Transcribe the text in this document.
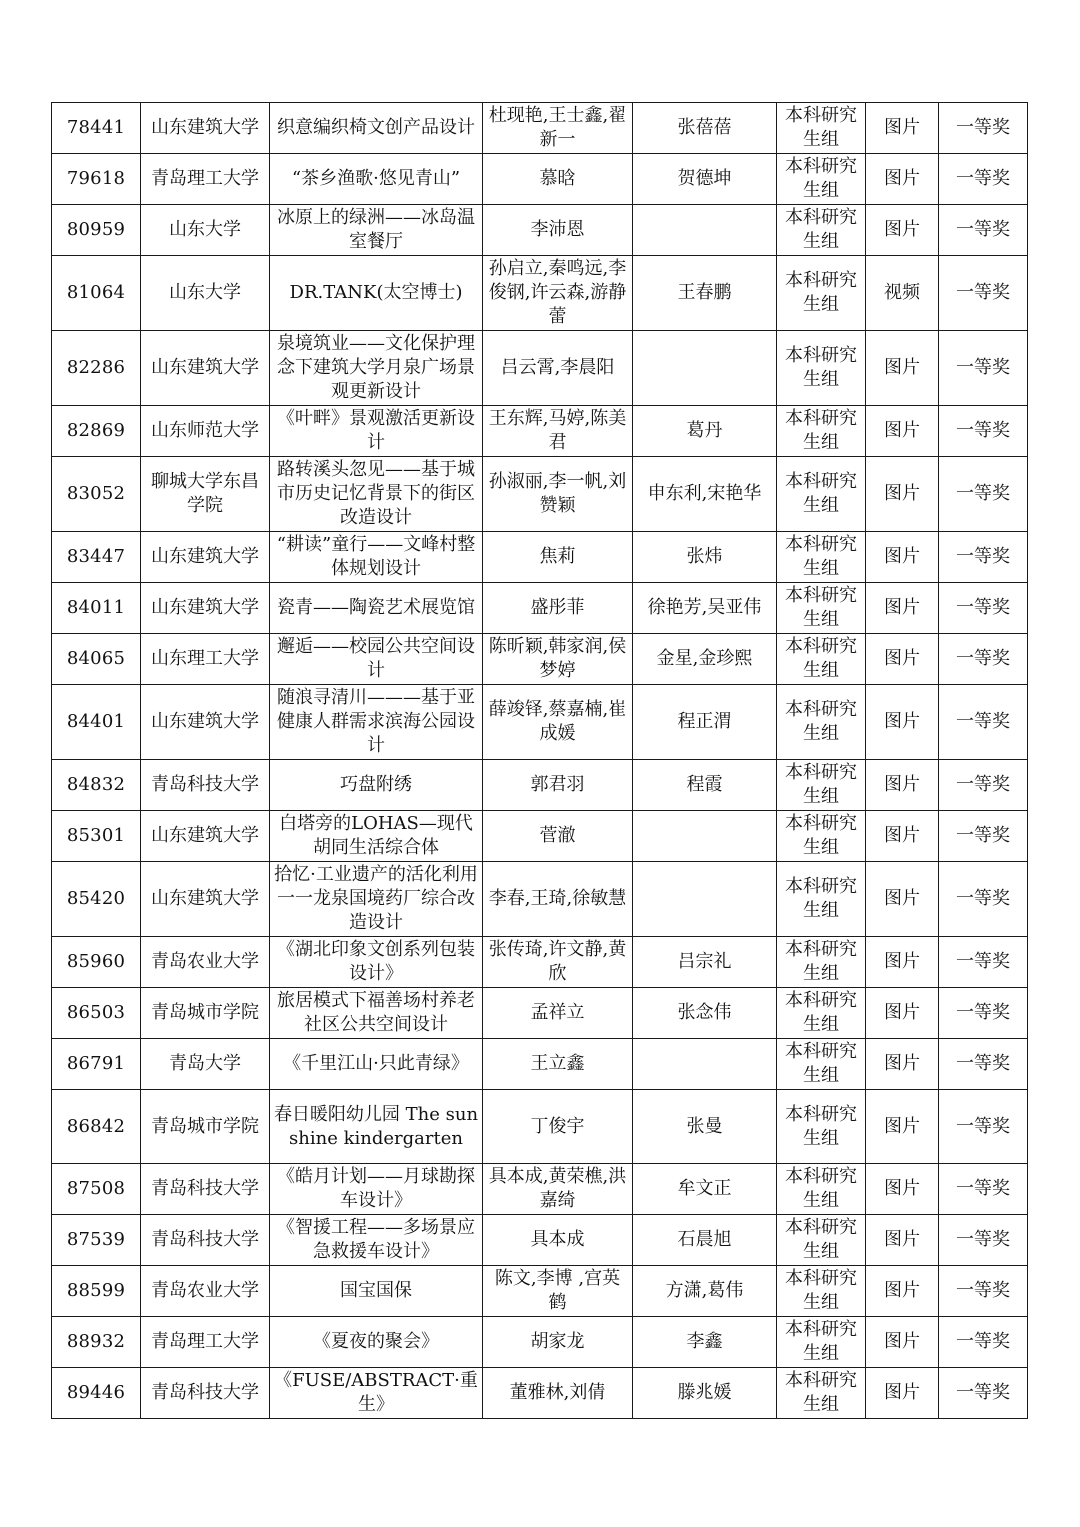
78441	山东建筑大学	织意编织椅文创产品设计	杜现艳,王士鑫,翟新一	张蓓蓓	本科研究生组	图片	一等奖
79618	青岛理工大学	“茶乡渔歌·悠见青山”	慕晗	贺德坤	本科研究生组	图片	一等奖
80959	山东大学	冰原上的绿洲——冰岛温室餐厅	李沛恩		本科研究生组	图片	一等奖
81064	山东大学	DR.TANK(太空博士)	孙启立,秦鸣远,李俊钢,许云森,游静蕾	王春鹏	本科研究生组	视频	一等奖
82286	山东建筑大学	泉境筑业——文化保护理念下建筑大学月泉广场景观更新设计	吕云霄,李晨阳		本科研究生组	图片	一等奖
82869	山东师范大学	《叶畔》景观激活更新设计	王东辉,马婷,陈美君	葛丹	本科研究生组	图片	一等奖
83052	聊城大学东昌学院	路转溪头忽见——基于城市历史记忆背景下的街区改造设计	孙淑丽,李一帆,刘赞颖	申东利,宋艳华	本科研究生组	图片	一等奖
83447	山东建筑大学	“耕读”童行——文峰村整体规划设计	焦莉	张炜	本科研究生组	图片	一等奖
84011	山东建筑大学	瓷青——陶瓷艺术展览馆	盛彤菲	徐艳芳,吴亚伟	本科研究生组	图片	一等奖
84065	山东理工大学	邂逅——校园公共空间设计	陈昕颖,韩家润,侯梦婷	金星,金珍熙	本科研究生组	图片	一等奖
84401	山东建筑大学	随浪寻清川———基于亚健康人群需求滨海公园设计	薛竣铎,蔡嘉楠,崔成媛	程正渭	本科研究生组	图片	一等奖
84832	青岛科技大学	巧盘附绣	郭君羽	程霞	本科研究生组	图片	一等奖
85301	山东建筑大学	白塔旁的LOHAS—现代胡同生活综合体	菅澈		本科研究生组	图片	一等奖
85420	山东建筑大学	拾忆·工业遗产的活化利用一一龙泉国境药厂综合改造设计	李春,王琦,徐敏慧		本科研究生组	图片	一等奖
85960	青岛农业大学	《湖北印象文创系列包装设计》	张传琦,许文静,黄欣	吕宗礼	本科研究生组	图片	一等奖
86503	青岛城市学院	旅居模式下福善场村养老社区公共空间设计	孟祥立	张念伟	本科研究生组	图片	一等奖
86791	青岛大学	《千里江山·只此青绿》	王立鑫		本科研究生组	图片	一等奖
86842	青岛城市学院	春日暖阳幼儿园 The sunshine kindergarten	丁俊宇	张曼	本科研究生组	图片	一等奖
87508	青岛科技大学	《皓月计划——月球勘探车设计》	具本成,黄荣樵,洪嘉绮	牟文正	本科研究生组	图片	一等奖
87539	青岛科技大学	《智援工程——多场景应急救援车设计》	具本成	石晨旭	本科研究生组	图片	一等奖
88599	青岛农业大学	国宝国保	陈文,李博 ,宫英鹤	方潇,葛伟	本科研究生组	图片	一等奖
88932	青岛理工大学	《夏夜的聚会》	胡家龙	李鑫	本科研究生组	图片	一等奖
89446	青岛科技大学	《FUSE/ABSTRACT·重生》	董雅林,刘倩	滕兆媛	本科研究生组	图片	一等奖
